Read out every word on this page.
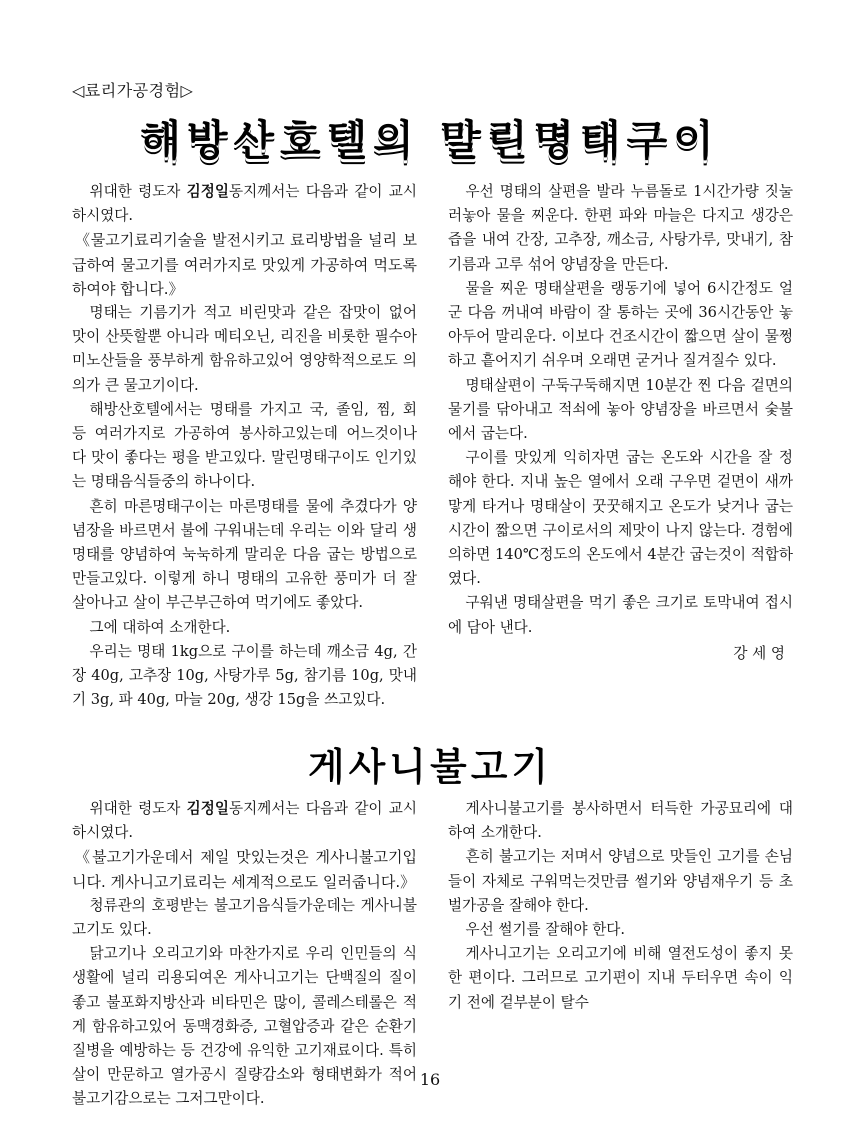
◁료리가공경험▷
해방산호텔의 말린명태구이

위대한 령도자 김정일동지께서는 다음과 같이 교시하시였다.

《물고기료리기술을 발전시키고 료리방법을 널리 보급하여 물고기를 여러가지로 맛있게 가공하여 먹도록 하여야 합니다.》

명태는 기름기가 적고 비린맛과 같은 잡맛이 없어 맛이 산뜻할뿐 아니라 메티오닌, 리진을 비롯한 필수아미노산들을 풍부하게 함유하고있어 영양학적으로도 의의가 큰 물고기이다.

해방산호텔에서는 명태를 가지고 국, 졸임, 찜, 회 등 여러가지로 가공하여 봉사하고있는데 어느것이나 다 맛이 좋다는 평을 받고있다. 말린명태구이도 인기있는 명태음식들중의 하나이다.

흔히 마른명태구이는 마른명태를 물에 추겼다가 양념장을 바르면서 불에 구워내는데 우리는 이와 달리 생명태를 양념하여 눅눅하게 말리운 다음 굽는 방법으로 만들고있다. 이렇게 하니 명태의 고유한 풍미가 더 잘 살아나고 살이 부근부근하여 먹기에도 좋았다.

그에 대하여 소개한다.

우리는 명태 1kg으로 구이를 하는데 깨소금 4g, 간장 40g, 고추장 10g, 사탕가루 5g, 참기름 10g, 맛내기 3g, 파 40g, 마늘 20g, 생강 15g을 쓰고있다.

우선 명태의 살편을 발라 누름돌로 1시간가량 짓눌러놓아 물을 찌운다. 한편 파와 마늘은 다지고 생강은 즙을 내여 간장, 고추장, 깨소금, 사탕가루, 맛내기, 참기름과 고루 섞어 양념장을 만든다.

물을 찌운 명태살편을 랭동기에 넣어 6시간정도 얼군 다음 꺼내여 바람이 잘 통하는 곳에 36시간동안 놓아두어 말리운다. 이보다 건조시간이 짧으면 살이 물쩡하고 흩어지기 쉬우며 오래면 굳거나 질겨질수 있다.

명태살편이 구둑구둑해지면 10분간 찐 다음 겉면의 물기를 닦아내고 적쇠에 놓아 양념장을 바르면서 숯불에서 굽는다.

구이를 맛있게 익히자면 굽는 온도와 시간을 잘 정해야 한다. 지내 높은 열에서 오래 구우면 겉면이 새까맣게 타거나 명태살이 꿋꿋해지고 온도가 낮거나 굽는 시간이 짧으면 구이로서의 제맛이 나지 않는다. 경험에 의하면 140℃정도의 온도에서 4분간 굽는것이 적합하였다.

구워낸 명태살편을 먹기 좋은 크기로 토막내여 접시에 담아 낸다.

강 세 영

게사니불고기

위대한 령도자 김정일동지께서는 다음과 같이 교시하시였다.

《불고기가운데서 제일 맛있는것은 게사니불고기입니다. 게사니고기료리는 세계적으로도 일러줍니다.》

청류관의 호평받는 불고기음식들가운데는 게사니불고기도 있다.

닭고기나 오리고기와 마찬가지로 우리 인민들의 식생활에 널리 리용되여온 게사니고기는 단백질의 질이 좋고 불포화지방산과 비타민은 많이, 콜레스테롤은 적게 함유하고있어 동맥경화증, 고혈압증과 같은 순환기질병을 예방하는 등 건강에 유익한 고기재료이다. 특히 살이 만문하고 열가공시 질량감소와 형태변화가 적어 불고기감으로는 그저그만이다.

게사니불고기를 봉사하면서 터득한 가공묘리에 대하여 소개한다.

흔히 불고기는 저며서 양념으로 맛들인 고기를 손님들이 자체로 구워먹는것만큼 썰기와 양념재우기 등 초벌가공을 잘해야 한다.

우선 썰기를 잘해야 한다.

게사니고기는 오리고기에 비해 열전도성이 좋지 못한 편이다. 그러므로 고기편이 지내 두터우면 속이 익기 전에 겉부분이 탈수

16
